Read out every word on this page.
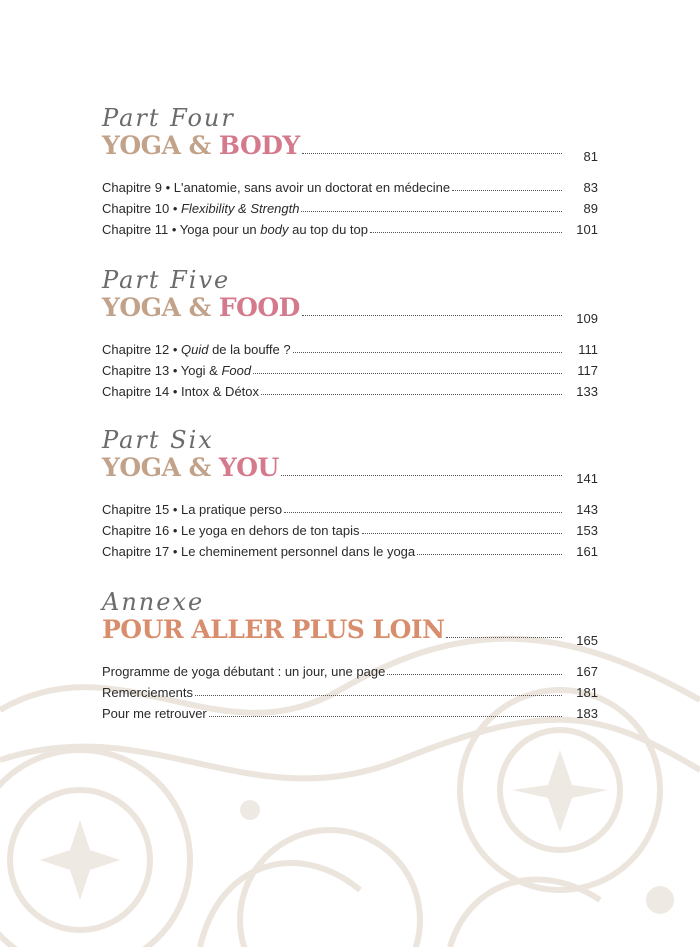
Part Four
YOGA & BODY	81
Chapitre 9 • L'anatomie, sans avoir un doctorat en médecine	83
Chapitre 10 • Flexibility & Strength	89
Chapitre 11 • Yoga pour un body au top du top	101
Part Five
YOGA & FOOD	109
Chapitre 12 • Quid de la bouffe ?	111
Chapitre 13 • Yogi & Food	117
Chapitre 14 • Intox & Détox	133
Part Six
YOGA & YOU	141
Chapitre 15 • La pratique perso	143
Chapitre 16 • Le yoga en dehors de ton tapis	153
Chapitre 17 • Le cheminement personnel dans le yoga	161
Annexe
POUR ALLER PLUS LOIN	165
Programme de yoga débutant : un jour, une page	167
Remerciements	181
Pour me retrouver	183
